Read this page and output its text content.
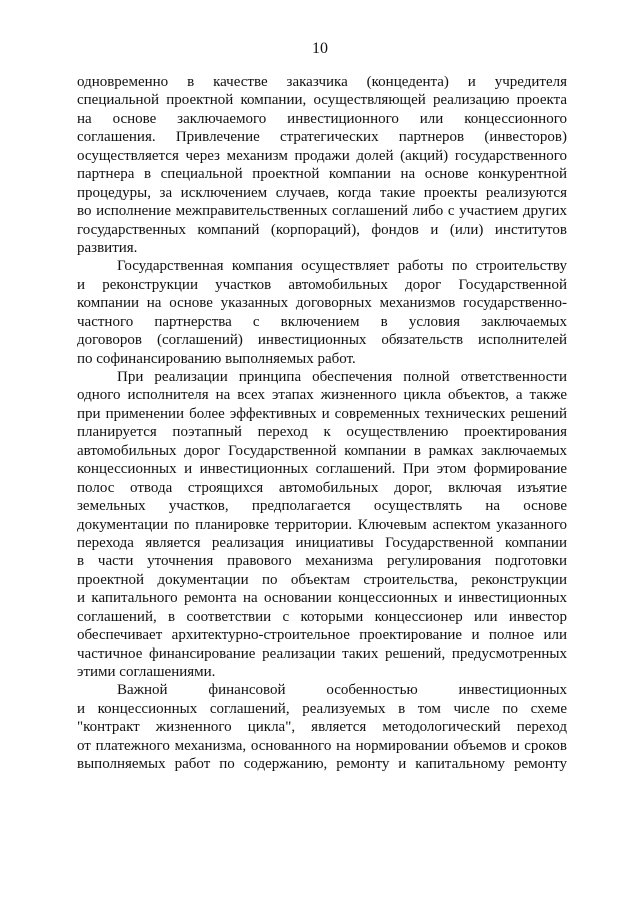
10
одновременно в качестве заказчика (концедента) и учредителя
специальной проектной компании, осуществляющей реализацию проекта
на основе заключаемого инвестиционного или концессионного
соглашения. Привлечение стратегических партнеров (инвесторов)
осуществляется через механизм продажи долей (акций) государственного
партнера в специальной проектной компании на основе конкурентной
процедуры, за исключением случаев, когда такие проекты реализуются
во исполнение межправительственных соглашений либо с участием других
государственных компаний (корпораций), фондов и (или) институтов
развития.
Государственная компания осуществляет работы по строительству
и реконструкции участков автомобильных дорог Государственной
компании на основе указанных договорных механизмов государственно-
частного партнерства с включением в условия заключаемых
договоров (соглашений) инвестиционных обязательств исполнителей
по софинансированию выполняемых работ.
При реализации принципа обеспечения полной ответственности
одного исполнителя на всех этапах жизненного цикла объектов, а также
при применении более эффективных и современных технических решений
планируется поэтапный переход к осуществлению проектирования
автомобильных дорог Государственной компании в рамках заключаемых
концессионных и инвестиционных соглашений. При этом формирование
полос отвода строящихся автомобильных дорог, включая изъятие
земельных участков, предполагается осуществлять на основе
документации по планировке территории. Ключевым аспектом указанного
перехода является реализация инициативы Государственной компании
в части уточнения правового механизма регулирования подготовки
проектной документации по объектам строительства, реконструкции
и капитального ремонта на основании концессионных и инвестиционных
соглашений, в соответствии с которыми концессионер или инвестор
обеспечивает архитектурно-строительное проектирование и полное или
частичное финансирование реализации таких решений, предусмотренных
этими соглашениями.
Важной финансовой особенностью инвестиционных
и концессионных соглашений, реализуемых в том числе по схеме
"контракт жизненного цикла", является методологический переход
от платежного механизма, основанного на нормировании объемов и сроков
выполняемых работ по содержанию, ремонту и капитальному ремонту
